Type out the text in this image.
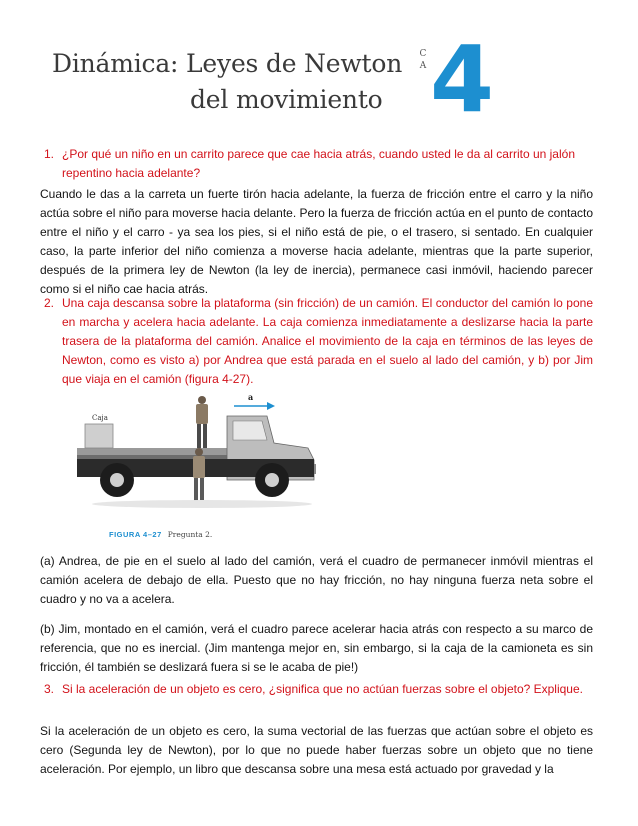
Dinámica: Leyes de Newton
del movimiento
C A 4
1. ¿Por qué un niño en un carrito parece que cae hacia atrás, cuando usted le da al carrito un jalón repentino hacia adelante?

Cuando le das a la carreta un fuerte tirón hacia adelante, la fuerza de fricción entre el carro y la niño actúa sobre el niño para moverse hacia delante. Pero la fuerza de fricción actúa en el punto de contacto entre el niño y el carro - ya sea los pies, si el niño está de pie, o el trasero, si sentado. En cualquier caso, la parte inferior del niño comienza a moverse hacia adelante, mientras que la parte superior, después de la primera ley de Newton (la ley de inercia), permanece casi inmóvil, haciendo parecer como si el niño cae hacia atrás.

2. Una caja descansa sobre la plataforma (sin fricción) de un camión. El conductor del camión lo pone en marcha y acelera hacia adelante. La caja comienza inmediatamente a deslizarse hacia la parte trasera de la plataforma del camión. Analice el movimiento de la caja en términos de las leyes de Newton, como es visto a) por Andrea que está parada en el suelo al lado del camión, y b) por Jim que viaja en el camión (figura 4-27).
Caja
a
FIGURA 4–27 Pregunta 2.

(a) Andrea, de pie en el suelo al lado del camión, verá el cuadro de permanecer inmóvil mientras el camión acelera de debajo de ella. Puesto que no hay fricción, no hay ninguna fuerza neta sobre el cuadro y no va a acelera.

(b) Jim, montado en el camión, verá el cuadro parece acelerar hacia atrás con respecto a su marco de referencia, que no es inercial. (Jim mantenga mejor en, sin embargo, si la caja de la camioneta es sin fricción, él también se deslizará fuera si se le acaba de pie!)

3. Si la aceleración de un objeto es cero, ¿significa que no actúan fuerzas sobre el objeto? Explique.

Si la aceleración de un objeto es cero, la suma vectorial de las fuerzas que actúan sobre el objeto es cero (Segunda ley de Newton), por lo que no puede haber fuerzas sobre un objeto que no tiene aceleración. Por ejemplo, un libro que descansa sobre una mesa está actuado por gravedad y la
